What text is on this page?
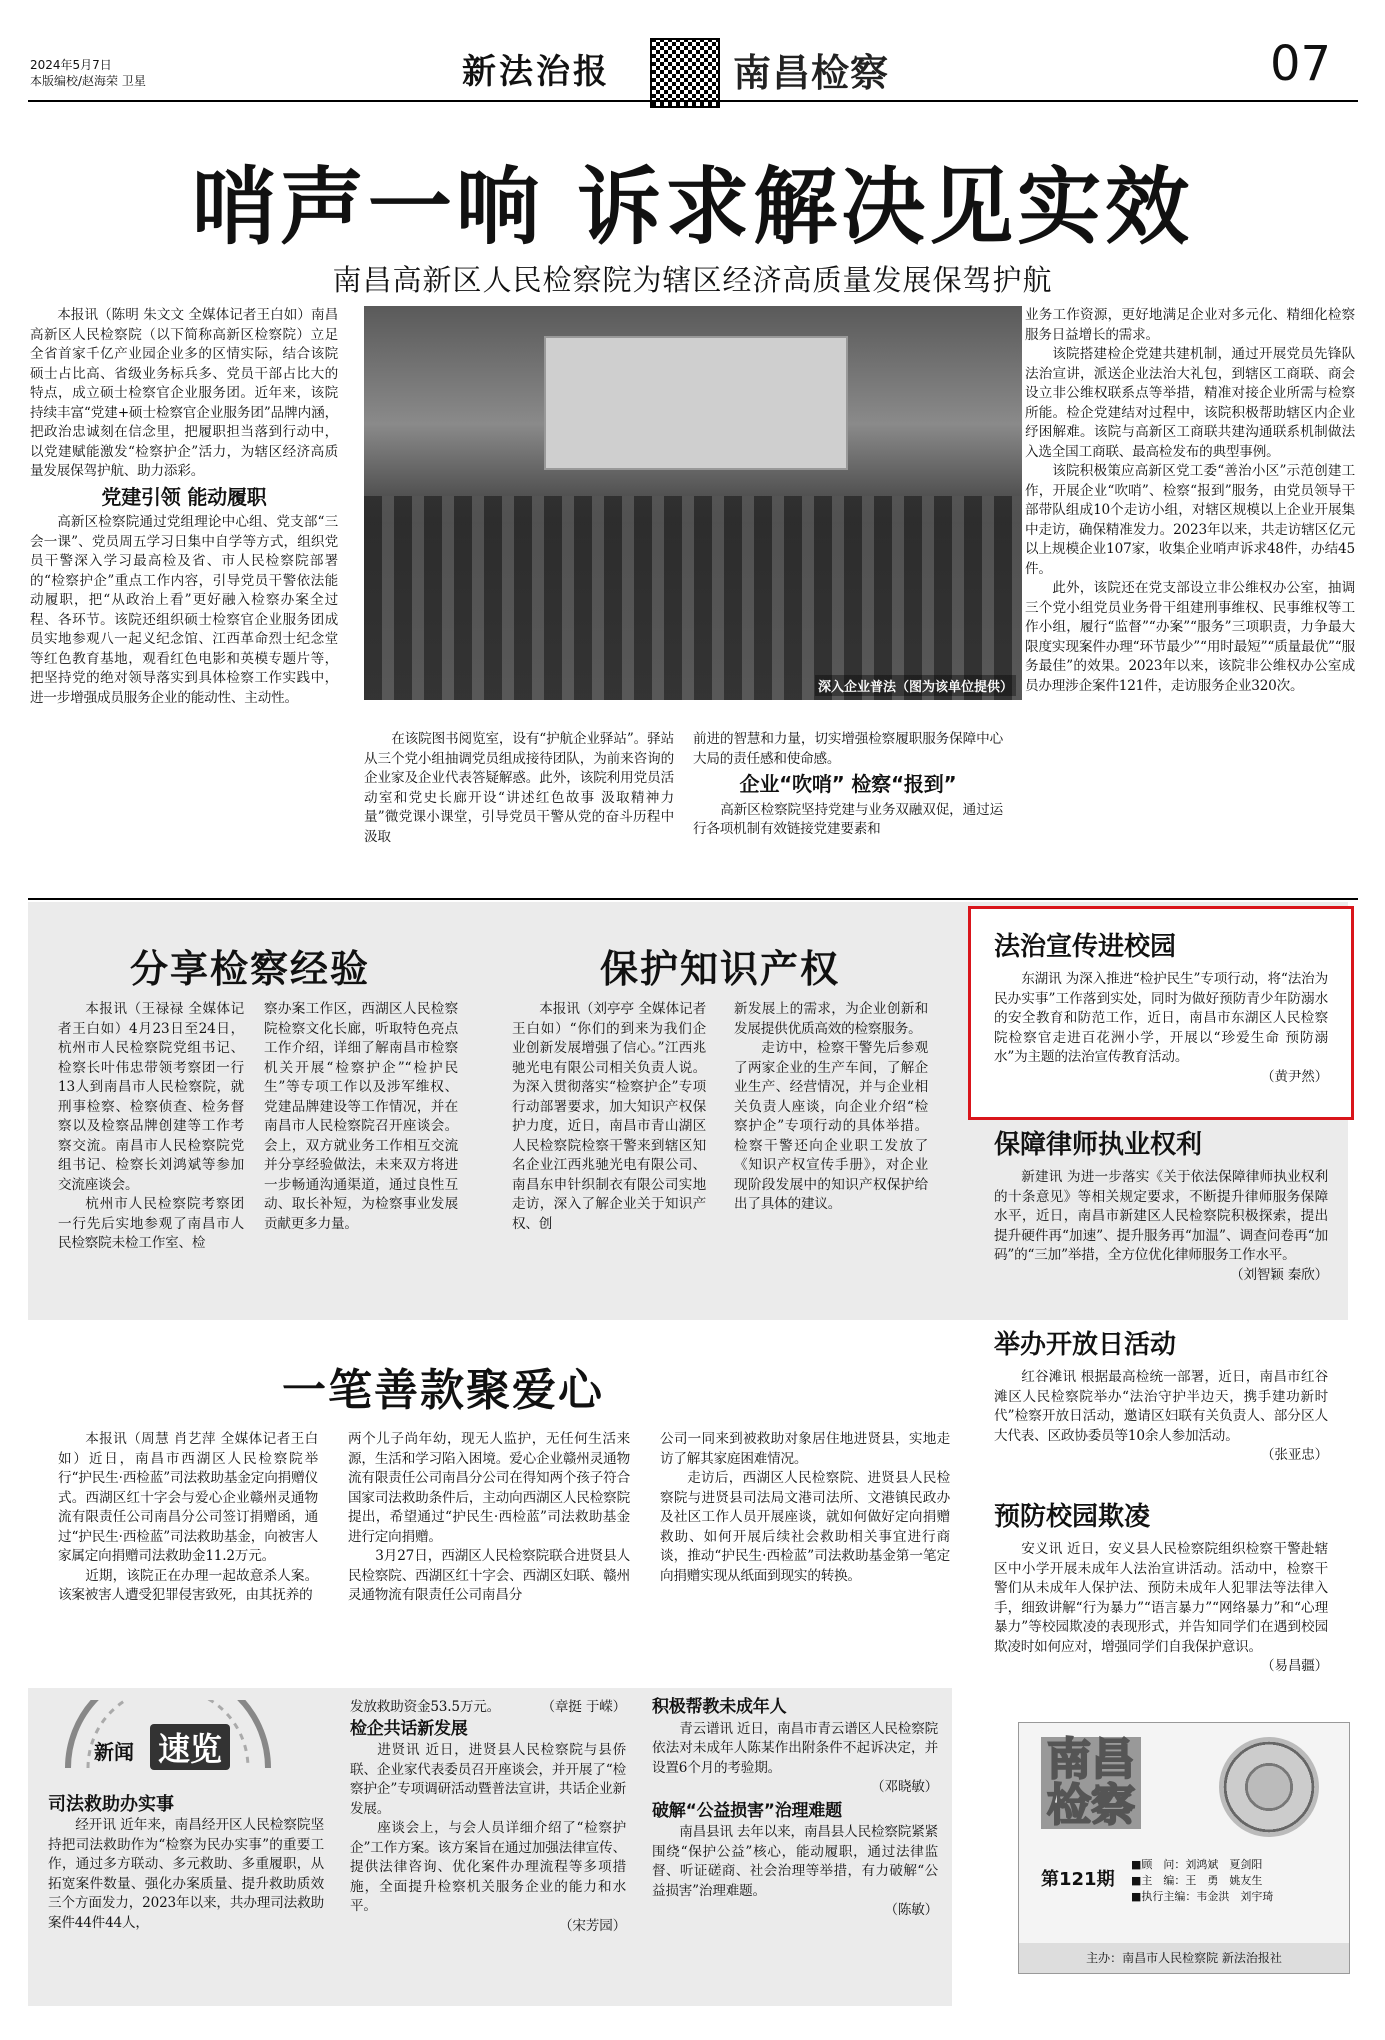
2024年5月7日
本版编校/赵海荣 卫星	新法治报	南昌检察	07
哨声一响 诉求解决见实效
南昌高新区人民检察院为辖区经济高质量发展保驾护航

本报讯（陈明 朱文文 全媒体记者王白如）南昌高新区人民检察院（以下简称高新区检察院）立足全省首家千亿产业园企业多的区情实际，结合该院硕士占比高、省级业务标兵多、党员干部占比大的特点，成立硕士检察官企业服务团。近年来，该院持续丰富“党建+硕士检察官企业服务团”品牌内涵，把政治忠诚刻在信念里，把履职担当落到行动中，以党建赋能激发“检察护企”活力，为辖区经济高质量发展保驾护航、助力添彩。

党建引领 能动履职

高新区检察院通过党组理论中心组、党支部“三会一课”、党员周五学习日集中自学等方式，组织党员干警深入学习最高检及省、市人民检察院部署的“检察护企”重点工作内容，引导党员干警依法能动履职，把“从政治上看”更好融入检察办案全过程、各环节。该院还组织硕士检察官企业服务团成员实地参观八一起义纪念馆、江西革命烈士纪念堂等红色教育基地，观看红色电影和英模专题片等，把坚持党的绝对领导落实到具体检察工作实践中，进一步增强成员服务企业的能动性、主动性。

深入企业普法（图为该单位提供）

在该院图书阅览室，设有“护航企业驿站”。驿站从三个党小组抽调党员组成接待团队，为前来咨询的企业家及企业代表答疑解惑。此外，该院利用党员活动室和党史长廊开设“讲述红色故事 汲取精神力量”微党课小课堂，引导党员干警从党的奋斗历程中汲取

前进的智慧和力量，切实增强检察履职服务保障中心大局的责任感和使命感。

企业“吹哨” 检察“报到”

高新区检察院坚持党建与业务双融双促，通过运行各项机制有效链接党建要素和

业务工作资源，更好地满足企业对多元化、精细化检察服务日益增长的需求。

该院搭建检企党建共建机制，通过开展党员先锋队法治宣讲，派送企业法治大礼包，到辖区工商联、商会设立非公维权联系点等举措，精准对接企业所需与检察所能。检企党建结对过程中，该院积极帮助辖区内企业纾困解难。该院与高新区工商联共建沟通联系机制做法入选全国工商联、最高检发布的典型事例。

该院积极策应高新区党工委“善治小区”示范创建工作，开展企业“吹哨”、检察“报到”服务，由党员领导干部带队组成10个走访小组，对辖区规模以上企业开展集中走访，确保精准发力。2023年以来，共走访辖区亿元以上规模企业107家，收集企业哨声诉求48件，办结45件。

此外，该院还在党支部设立非公维权办公室，抽调三个党小组党员业务骨干组建刑事维权、民事维权等工作小组，履行“监督”“办案”“服务”三项职责，力争最大限度实现案件办理“环节最少”“用时最短”“质量最优”“服务最佳”的效果。2023年以来，该院非公维权办公室成员办理涉企案件121件，走访服务企业320次。

分享检察经验

本报讯（王禄禄 全媒体记者王白如）4月23日至24日，杭州市人民检察院党组书记、检察长叶伟忠带领考察团一行13人到南昌市人民检察院，就刑事检察、检察侦查、检务督察以及检察品牌创建等工作考察交流。南昌市人民检察院党组书记、检察长刘鸿斌等参加交流座谈会。

杭州市人民检察院考察团一行先后实地参观了南昌市人民检察院未检工作室、检

察办案工作区，西湖区人民检察院检察文化长廊，听取特色亮点工作介绍，详细了解南昌市检察机关开展“检察护企”“检护民生”等专项工作以及涉军维权、党建品牌建设等工作情况，并在南昌市人民检察院召开座谈会。会上，双方就业务工作相互交流并分享经验做法，未来双方将进一步畅通沟通渠道，通过良性互动、取长补短，为检察事业发展贡献更多力量。

保护知识产权

本报讯（刘亭亭 全媒体记者王白如）“你们的到来为我们企业创新发展增强了信心。”江西兆驰光电有限公司相关负责人说。为深入贯彻落实“检察护企”专项行动部署要求，加大知识产权保护力度，近日，南昌市青山湖区人民检察院检察干警来到辖区知名企业江西兆驰光电有限公司、南昌东申针织制衣有限公司实地走访，深入了解企业关于知识产权、创

新发展上的需求，为企业创新和发展提供优质高效的检察服务。

走访中，检察干警先后参观了两家企业的生产车间，了解企业生产、经营情况，并与企业相关负责人座谈，向企业介绍“检察护企”专项行动的具体举措。检察干警还向企业职工发放了《知识产权宣传手册》，对企业现阶段发展中的知识产权保护给出了具体的建议。

法治宣传进校园

东湖讯 为深入推进“检护民生”专项行动，将“法治为民办实事”工作落到实处，同时为做好预防青少年防溺水的安全教育和防范工作，近日，南昌市东湖区人民检察院检察官走进百花洲小学，开展以“珍爱生命 预防溺水”为主题的法治宣传教育活动。

（黄尹然）
保障律师执业权利

新建讯 为进一步落实《关于依法保障律师执业权利的十条意见》等相关规定要求，不断提升律师服务保障水平，近日，南昌市新建区人民检察院积极探索，提出提升硬件再“加速”、提升服务再“加温”、调查问卷再“加码”的“三加”举措，全方位优化律师服务工作水平。

（刘智颖 秦欣）
举办开放日活动

红谷滩讯 根据最高检统一部署，近日，南昌市红谷滩区人民检察院举办“法治守护半边天，携手建功新时代”检察开放日活动，邀请区妇联有关负责人、部分区人大代表、区政协委员等10余人参加活动。

（张亚忠）
预防校园欺凌

安义讯 近日，安义县人民检察院组织检察干警赴辖区中小学开展未成年人法治宣讲活动。活动中，检察干警们从未成年人保护法、预防未成年人犯罪法等法律入手，细致讲解“行为暴力”“语言暴力”“网络暴力”和“心理暴力”等校园欺凌的表现形式，并告知同学们在遇到校园欺凌时如何应对，增强同学们自我保护意识。

（易昌疆）
一笔善款聚爱心

本报讯（周慧 肖艺萍 全媒体记者王白如）近日，南昌市西湖区人民检察院举行“护民生·西检蓝”司法救助基金定向捐赠仪式。西湖区红十字会与爱心企业赣州灵通物流有限责任公司南昌分公司签订捐赠函，通过“护民生·西检蓝”司法救助基金，向被害人家属定向捐赠司法救助金11.2万元。

近期，该院正在办理一起故意杀人案。该案被害人遭受犯罪侵害致死，由其抚养的

两个儿子尚年幼，现无人监护，无任何生活来源，生活和学习陷入困境。爱心企业赣州灵通物流有限责任公司南昌分公司在得知两个孩子符合国家司法救助条件后，主动向西湖区人民检察院提出，希望通过“护民生·西检蓝”司法救助基金进行定向捐赠。

3月27日，西湖区人民检察院联合进贤县人民检察院、西湖区红十字会、西湖区妇联、赣州灵通物流有限责任公司南昌分

公司一同来到被救助对象居住地进贤县，实地走访了解其家庭困难情况。

走访后，西湖区人民检察院、进贤县人民检察院与进贤县司法局文港司法所、文港镇民政办及社区工作人员开展座谈，就如何做好定向捐赠救助、如何开展后续社会救助相关事宜进行商谈，推动“护民生·西检蓝”司法救助基金第一笔定向捐赠实现从纸面到现实的转换。

新闻 速览
司法救助办实事

经开讯 近年来，南昌经开区人民检察院坚持把司法救助作为“检察为民办实事”的重要工作，通过多方联动、多元救助、多重履职，从拓宽案件数量、强化办案质量、提升救助质效三个方面发力，2023年以来，共办理司法救助案件44件44人，

发放救助资金53.5万元。	（章挺 于嵘）
检企共话新发展

进贤讯 近日，进贤县人民检察院与县侨联、企业家代表委员召开座谈会，并开展了“检察护企”专项调研活动暨普法宣讲，共话企业新发展。

座谈会上，与会人员详细介绍了“检察护企”工作方案。该方案旨在通过加强法律宣传、提供法律咨询、优化案件办理流程等多项措施，全面提升检察机关服务企业的能力和水平。

（宋芳园）
积极帮教未成年人

青云谱讯 近日，南昌市青云谱区人民检察院依法对未成年人陈某作出附条件不起诉决定，并设置6个月的考验期。

（邓晓敏）
破解“公益损害”治理难题

南昌县讯 去年以来，南昌县人民检察院紧紧围绕“保护公益”核心，能动履职，通过法律监督、听证磋商、社会治理等举措，有力破解“公益损害”治理难题。

（陈敏）
南昌
检察
第121期
■顾　问：刘鸿斌　夏剑阳
■主　编：王　勇　姚友生
■执行主编：韦金洪　刘宇琦
主办：南昌市人民检察院 新法治报社
